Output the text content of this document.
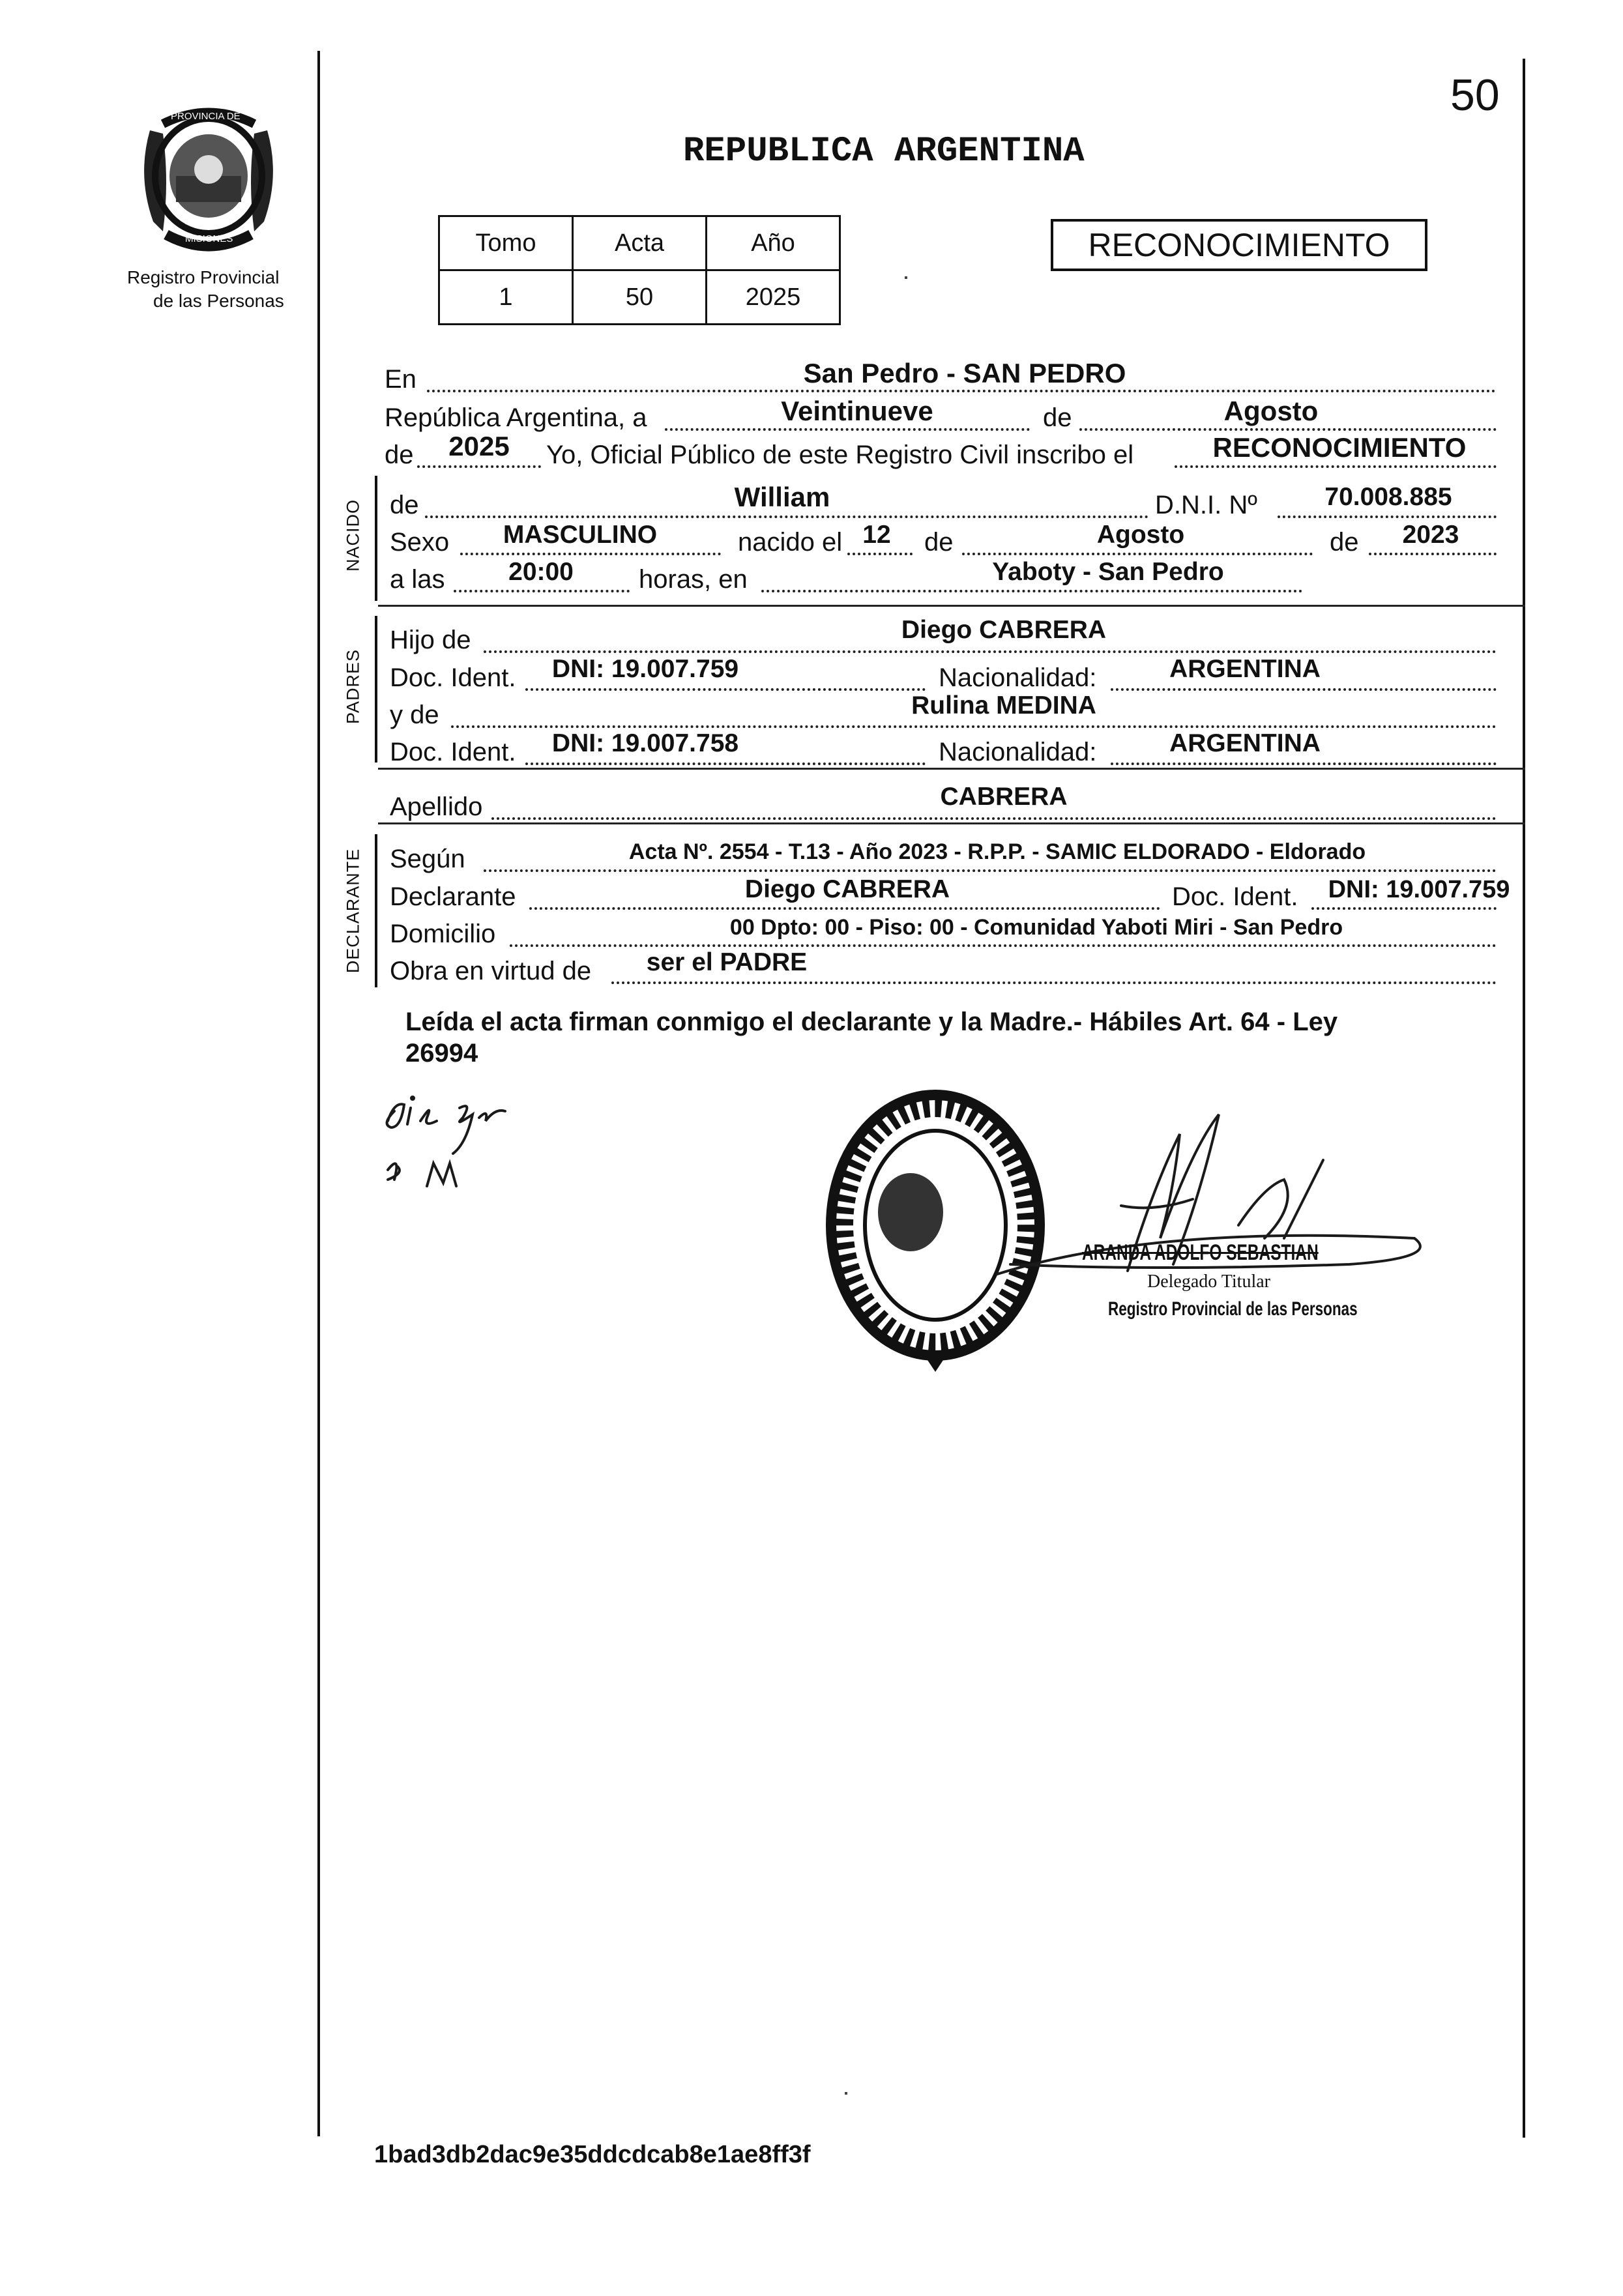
PROVINCIA DE
MISIONES
Registro Provincial
de las Personas
50
REPUBLICA ARGENTINA
Tomo	Acta	Año
1	50	2025
RECONOCIMIENTO
En	San Pedro - SAN PEDRO
República Argentina, a	Veintinueve	de	Agosto
de	2025	Yo, Oficial Público de este Registro Civil inscribo el	RECONOCIMIENTO
NACIDO de	William	D.N.I. Nº	70.008.885
Sexo	MASCULINO	nacido el 12	de	Agosto	de	2023
a las	20:00	horas, en	Yaboty - San Pedro
PADRES
Hijo de	Diego CABRERA
Doc. Ident.	DNI: 19.007.759	Nacionalidad:	ARGENTINA
y de	Rulina MEDINA
Doc. Ident.	DNI: 19.007.758	Nacionalidad:	ARGENTINA
Apellido	CABRERA
DECLARANTE Según	Acta Nº. 2554 - T.13 - Año 2023 - R.P.P. - SAMIC ELDORADO - Eldorado
Declarante	Diego CABRERA	Doc. Ident.	DNI: 19.007.759
Domicilio	00 Dpto: 00 - Piso: 00 - Comunidad Yaboti Miri - San Pedro
Obra en virtud de	ser el PADRE
Leída el acta firman conmigo el declarante y la Madre.- Hábiles Art. 64 - Ley
26994
ARANDA ADOLFO SEBASTIAN
Delegado Titular
Registro Provincial de las Personas
1bad3db2dac9e35ddcdcab8e1ae8ff3f
